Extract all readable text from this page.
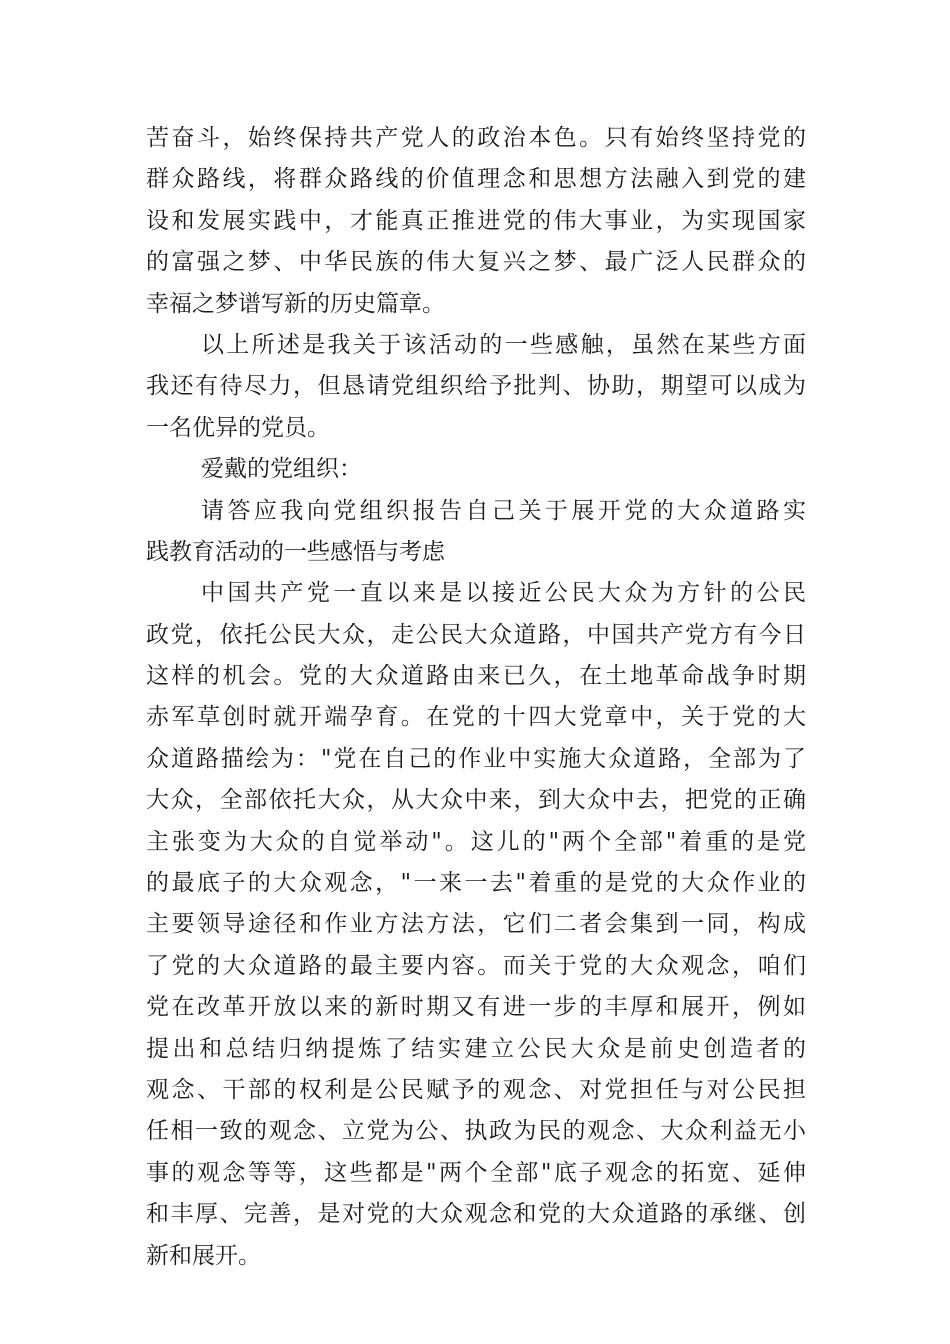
苦奋斗，始终保持共产党人的政治本色。只有始终坚持党的
群众路线，将群众路线的价值理念和思想方法融入到党的建
设和发展实践中，才能真正推进党的伟大事业，为实现国家
的富强之梦、中华民族的伟大复兴之梦、最广泛人民群众的
幸福之梦谱写新的历史篇章。
以上所述是我关于该活动的一些感触，虽然在某些方面
我还有待尽力，但恳请党组织给予批判、协助，期望可以成为
一名优异的党员。
爱戴的党组织：
请答应我向党组织报告自己关于展开党的大众道路实
践教育活动的一些感悟与考虑
中国共产党一直以来是以接近公民大众为方针的公民
政党，依托公民大众，走公民大众道路，中国共产党方有今日
这样的机会。党的大众道路由来已久，在土地革命战争时期
赤军草创时就开端孕育。在党的十四大党章中，关于党的大
众道路描绘为："党在自己的作业中实施大众道路，全部为了
大众，全部依托大众，从大众中来，到大众中去，把党的正确
主张变为大众的自觉举动"。这儿的"两个全部"着重的是党
的最底子的大众观念，"一来一去"着重的是党的大众作业的
主要领导途径和作业方法方法，它们二者会集到一同，构成
了党的大众道路的最主要内容。而关于党的大众观念，咱们
党在改革开放以来的新时期又有进一步的丰厚和展开，例如
提出和总结归纳提炼了结实建立公民大众是前史创造者的
观念、干部的权利是公民赋予的观念、对党担任与对公民担
任相一致的观念、立党为公、执政为民的观念、大众利益无小
事的观念等等，这些都是"两个全部"底子观念的拓宽、延伸
和丰厚、完善，是对党的大众观念和党的大众道路的承继、创
新和展开。
